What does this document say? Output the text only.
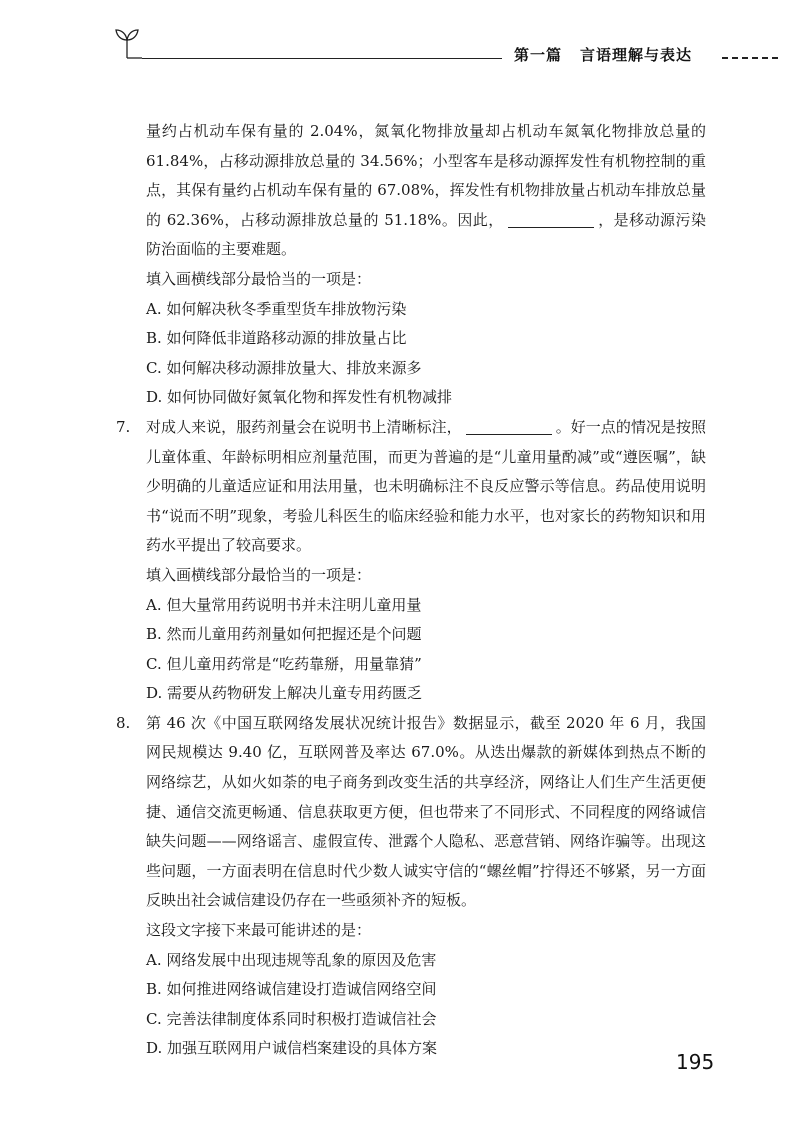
第一篇 言语理解与表达

量约占机动车保有量的 2.04%，氮氧化物排放量却占机动车氮氧化物排放总量的 61.84%，占移动源排放总量的 34.56%；小型客车是移动源挥发性有机物控制的重点，其保有量约占机动车保有量的 67.08%，挥发性有机物排放量占机动车排放总量的 62.36%，占移动源排放总量的 51.18%。因此，	，是移动源污染防治面临的主要难题。

填入画横线部分最恰当的一项是：

A. 如何解决秋冬季重型货车排放物污染

B. 如何降低非道路移动源的排放量占比

C. 如何解决移动源排放量大、排放来源多

D. 如何协同做好氮氧化物和挥发性有机物减排

7. 对成人来说，服药剂量会在说明书上清晰标注，	。好一点的情况是按照儿童体重、年龄标明相应剂量范围，而更为普遍的是“儿童用量酌减”或“遵医嘱”，缺少明确的儿童适应证和用法用量，也未明确标注不良反应警示等信息。药品使用说明书“说而不明”现象，考验儿科医生的临床经验和能力水平，也对家长的药物知识和用药水平提出了较高要求。

填入画横线部分最恰当的一项是：

A. 但大量常用药说明书并未注明儿童用量

B. 然而儿童用药剂量如何把握还是个问题

C. 但儿童用药常是“吃药靠掰，用量靠猜”

D. 需要从药物研发上解决儿童专用药匮乏

8. 第 46 次《中国互联网络发展状况统计报告》数据显示，截至 2020 年 6 月，我国网民规模达 9.40 亿，互联网普及率达 67.0%。从迭出爆款的新媒体到热点不断的网络综艺，从如火如荼的电子商务到改变生活的共享经济，网络让人们生产生活更便捷、通信交流更畅通、信息获取更方便，但也带来了不同形式、不同程度的网络诚信缺失问题——网络谣言、虚假宣传、泄露个人隐私、恶意营销、网络诈骗等。出现这些问题，一方面表明在信息时代少数人诚实守信的“螺丝帽”拧得还不够紧，另一方面反映出社会诚信建设仍存在一些亟须补齐的短板。

这段文字接下来最可能讲述的是：

A. 网络发展中出现违规等乱象的原因及危害

B. 如何推进网络诚信建设打造诚信网络空间

C. 完善法律制度体系同时积极打造诚信社会

D. 加强互联网用户诚信档案建设的具体方案

195
